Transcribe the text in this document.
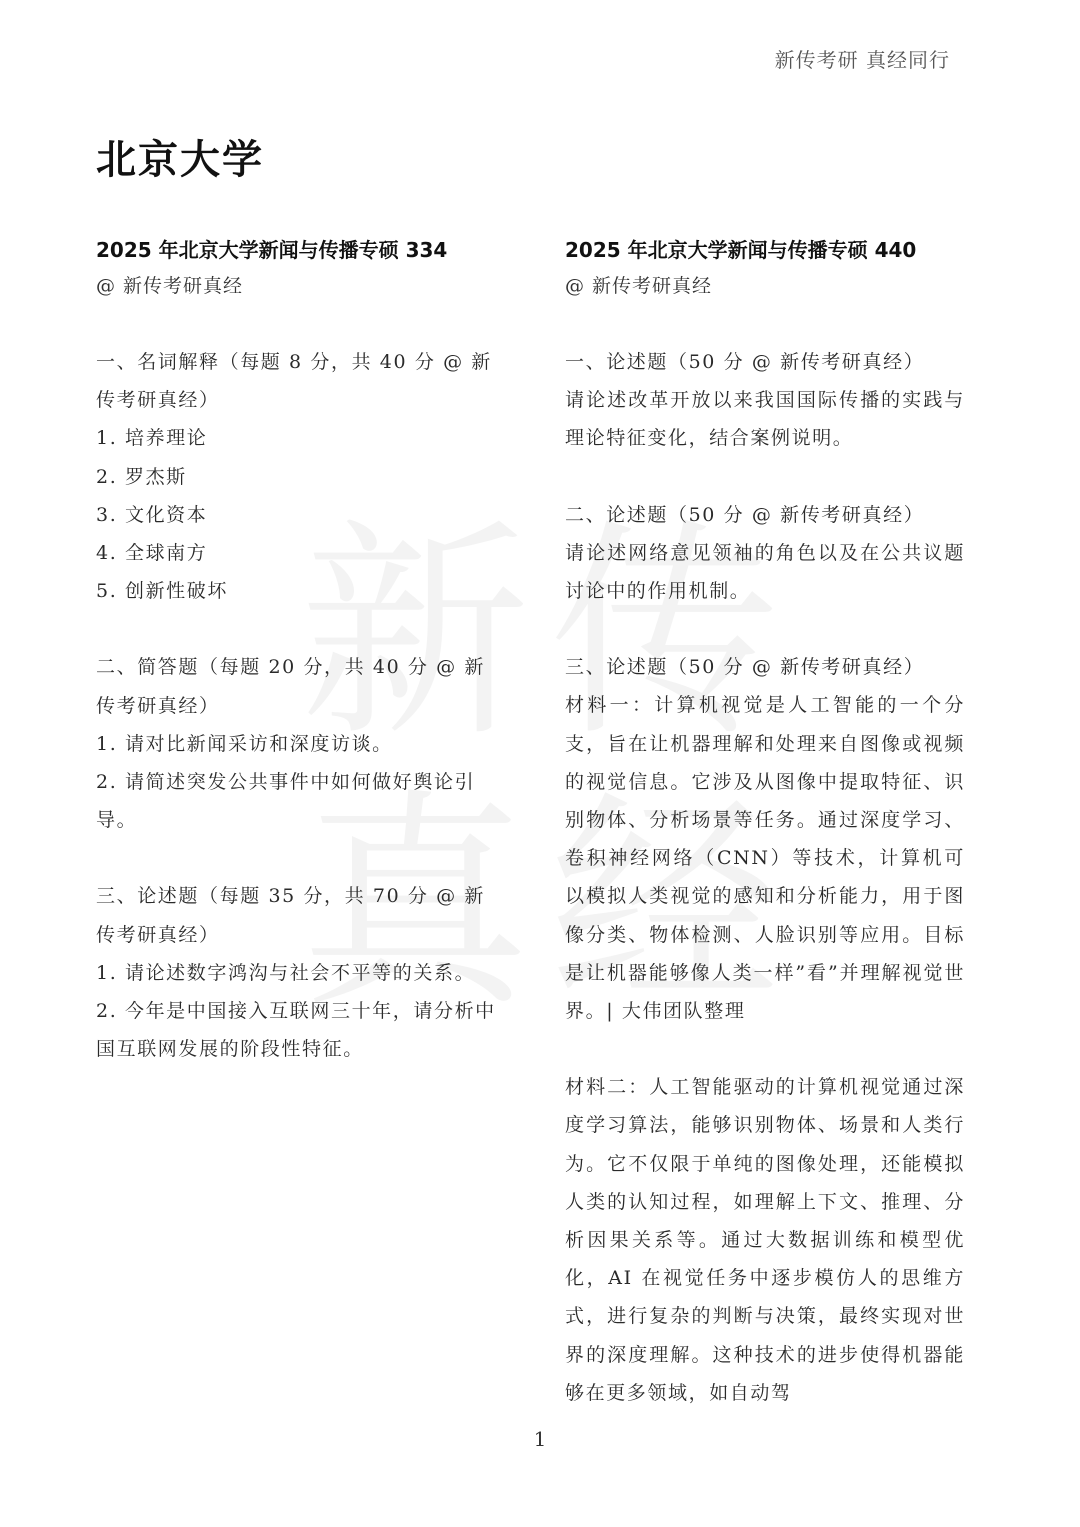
新传考研 真经同行
北京大学

2025 年北京大学新闻与传播专硕 334

@ 新传考研真经

一、名词解释（每题 8 分，共 40 分 @ 新传考研真经）

1. 培养理论

2. 罗杰斯

3. 文化资本

4. 全球南方

5. 创新性破坏

二、简答题（每题 20 分，共 40 分 @ 新传考研真经）

1. 请对比新闻采访和深度访谈。

2. 请简述突发公共事件中如何做好舆论引导。

三、论述题（每题 35 分，共 70 分 @ 新传考研真经）

1. 请论述数字鸿沟与社会不平等的关系。

2. 今年是中国接入互联网三十年，请分析中国互联网发展的阶段性特征。

2025 年北京大学新闻与传播专硕 440

@ 新传考研真经

一、论述题（50 分 @ 新传考研真经）

请论述改革开放以来我国国际传播的实践与理论特征变化，结合案例说明。

二、论述题（50 分 @ 新传考研真经）

请论述网络意见领袖的角色以及在公共议题讨论中的作用机制。

三、论述题（50 分 @ 新传考研真经）

材料一：计算机视觉是人工智能的一个分支，旨在让机器理解和处理来自图像或视频的视觉信息。它涉及从图像中提取特征、识别物体、分析场景等任务。通过深度学习、卷积神经网络（CNN）等技术，计算机可以模拟人类视觉的感知和分析能力，用于图像分类、物体检测、人脸识别等应用。目标是让机器能够像人类一样”看”并理解视觉世界。| 大伟团队整理

材料二：人工智能驱动的计算机视觉通过深度学习算法，能够识别物体、场景和人类行为。它不仅限于单纯的图像处理，还能模拟人类的认知过程，如理解上下文、推理、分析因果关系等。通过大数据训练和模型优化，AI 在视觉任务中逐步模仿人的思维方式，进行复杂的判断与决策，最终实现对世界的深度理解。这种技术的进步使得机器能够在更多领域，如自动驾

1
